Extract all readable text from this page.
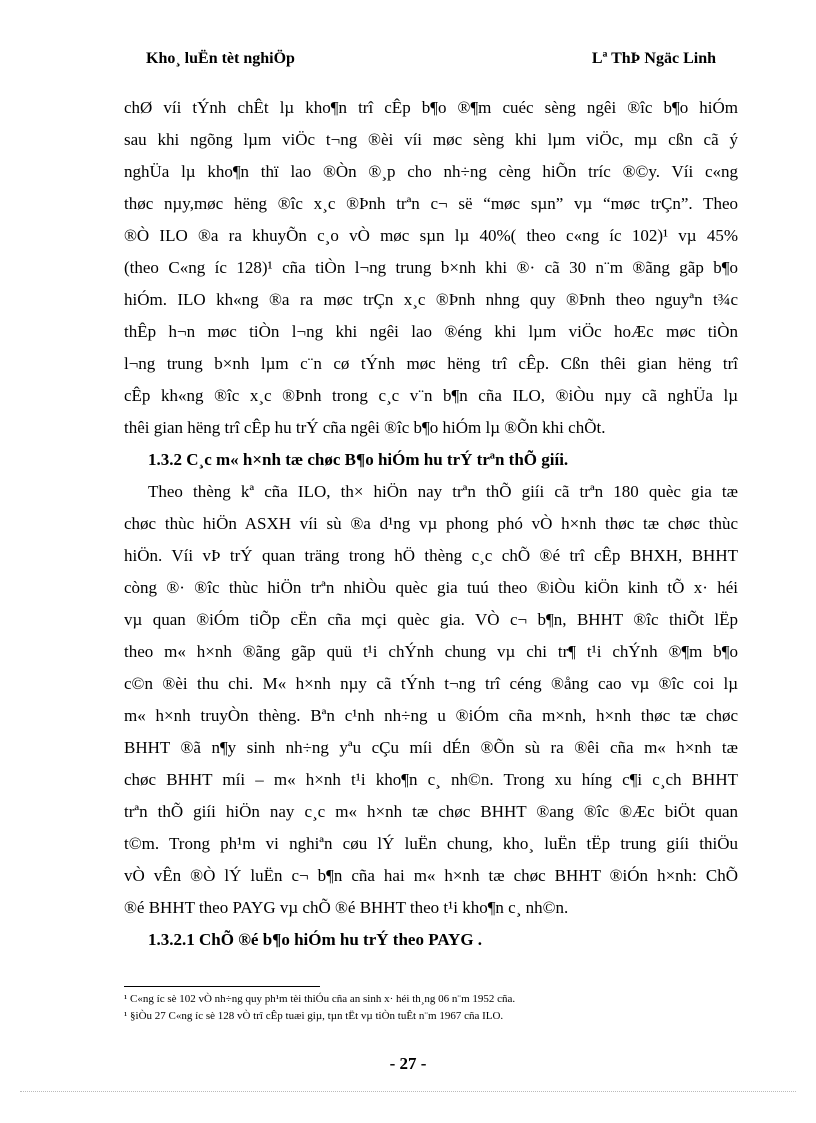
Kho¸ luËn tèt nghiÖp	Lª ThÞ Ngäc Linh
chØ víi tÝnh chÊt lµ kho¶n trî cÊp b¶o ®¶m cuéc sèng ngêi ®îc b¶o hiÓm
sau khi ngõng lµm viÖc t¬ng ®èi víi møc sèng khi lµm viÖc, mµ cßn cã ý
nghÜa lµ kho¶n thï lao ®Òn ®¸p cho nh÷ng cèng hiÕn tríc ®©y. Víi c«ng
thøc nµy,møc hëng ®îc x¸c ®Þnh trªn c¬ së “møc sµn” vµ “møc trÇn”. Theo
®Ò ILO ®a ra khuyÕn c¸o vÒ møc sµn lµ 40%( theo c«ng íc 102)¹ vµ 45%
(theo C«ng íc 128)¹ cña tiÒn l¬ng trung b×nh khi ®· cã 30 n¨m ®ãng gãp b¶o
hiÓm. ILO kh«ng ®a ra møc trÇn x¸c ®Þnh nhng quy ®Þnh theo nguyªn t¾c
thÊp h¬n møc tiÒn l¬ng khi ngêi lao ®éng khi lµm viÖc hoÆc møc tiÒn
l¬ng trung b×nh lµm c¨n cø tÝnh møc hëng trî cÊp. Cßn thêi gian hëng trî
cÊp kh«ng ®îc x¸c ®Þnh trong c¸c v¨n b¶n cña ILO, ®iÒu nµy cã nghÜa lµ
thêi gian hëng trî cÊp hu trÝ cña ngêi ®îc b¶o hiÓm lµ ®Õn khi chÕt.
1.3.2 C¸c m« h×nh tæ chøc B¶o hiÓm hu trÝ trªn thÕ giíi.
Theo thèng kª cña ILO, th× hiÖn nay trªn thÕ giíi cã trªn 180 quèc gia tæ
chøc thùc hiÖn ASXH víi sù ®a d¹ng vµ phong phó vÒ h×nh thøc tæ chøc thùc
hiÖn. Víi vÞ trÝ quan träng trong hÖ thèng c¸c chÕ ®é trî cÊp BHXH, BHHT
còng ®· ®îc thùc hiÖn trªn nhiÒu quèc gia tuú theo ®iÒu kiÖn kinh tÕ x· héi
vµ quan ®iÓm tiÕp cËn cña mçi quèc gia. VÒ c¬ b¶n, BHHT ®îc thiÕt lËp
theo m« h×nh ®ãng gãp quü t¹i chÝnh chung vµ chi tr¶ t¹i chÝnh ®¶m b¶o
c©n ®èi thu chi. M« h×nh nµy cã tÝnh t¬ng trî céng ®ång cao vµ ®îc coi lµ
m« h×nh truyÒn thèng. Bªn c¹nh nh÷ng u ®iÓm cña m×nh, h×nh thøc tæ chøc
BHHT ®ã n¶y sinh nh÷ng yªu cÇu míi dÉn ®Õn sù ra ®êi cña m« h×nh tæ
chøc BHHT míi – m« h×nh t¹i kho¶n c¸ nh©n. Trong xu híng c¶i c¸ch BHHT
trªn thÕ giíi hiÖn nay c¸c m« h×nh tæ chøc BHHT ®ang ®îc ®Æc biÖt quan
t©m. Trong ph¹m vi nghiªn cøu lÝ luËn chung, kho¸ luËn tËp trung giíi thiÖu
vÒ vÊn ®Ò lÝ luËn c¬ b¶n cña hai m« h×nh tæ chøc BHHT ®iÓn h×nh: ChÕ
®é BHHT theo PAYG vµ chÕ ®é BHHT theo t¹i kho¶n c¸ nh©n.
1.3.2.1 ChÕ ®é b¶o hiÓm hu trÝ theo PAYG .
¹ C«ng íc sè 102 vÒ nh÷ng quy ph¹m tèi thiÓu cña an sinh x· héi th¸ng 06 n¨m 1952 cña.
¹ §iÒu 27 C«ng íc sè 128 vÒ trî cÊp tuæi giµ, tµn tËt vµ tiÒn tuÊt n¨m 1967 cña ILO.
- 27 -
